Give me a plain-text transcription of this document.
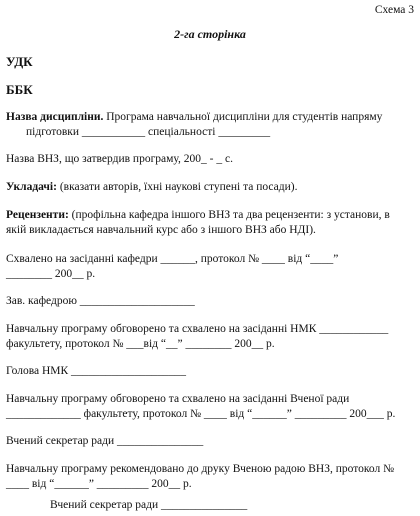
Схема 3
2-га сторінка
УДК
ББК
Назва дисципліни. Програма навчальної дисципліни для студентів напряму
підготовки ___________ спеціальності _________
Назва ВНЗ, що затвердив програму, 200_ - _ с.
Укладачі: (вказати авторів, їхні наукові ступені та посади).
Рецензенти: (профільна кафедра іншого ВНЗ та два рецензенти: з установи, в
якій викладається навчальний курс або з іншого ВНЗ або НДІ).
Схвалено на засіданні кафедри ______, протокол № ____ від “____”
________ 200__ р.
Зав. кафедрою ____________________
Навчальну програму обговорено та схвалено на засіданні НМК ____________
факультету, протокол № ___від “__” ________ 200__ р.
Голова НМК ____________________
Навчальну програму обговорено та схвалено на засіданні Вченої ради
_____________ факультету, протокол № ____ від “______” _________ 200___ р.
Вчений секретар ради _______________
Навчальну програму рекомендовано до друку Вченою радою ВНЗ, протокол №
____ від “______” _________ 200__ р.
Вчений секретар ради _______________
